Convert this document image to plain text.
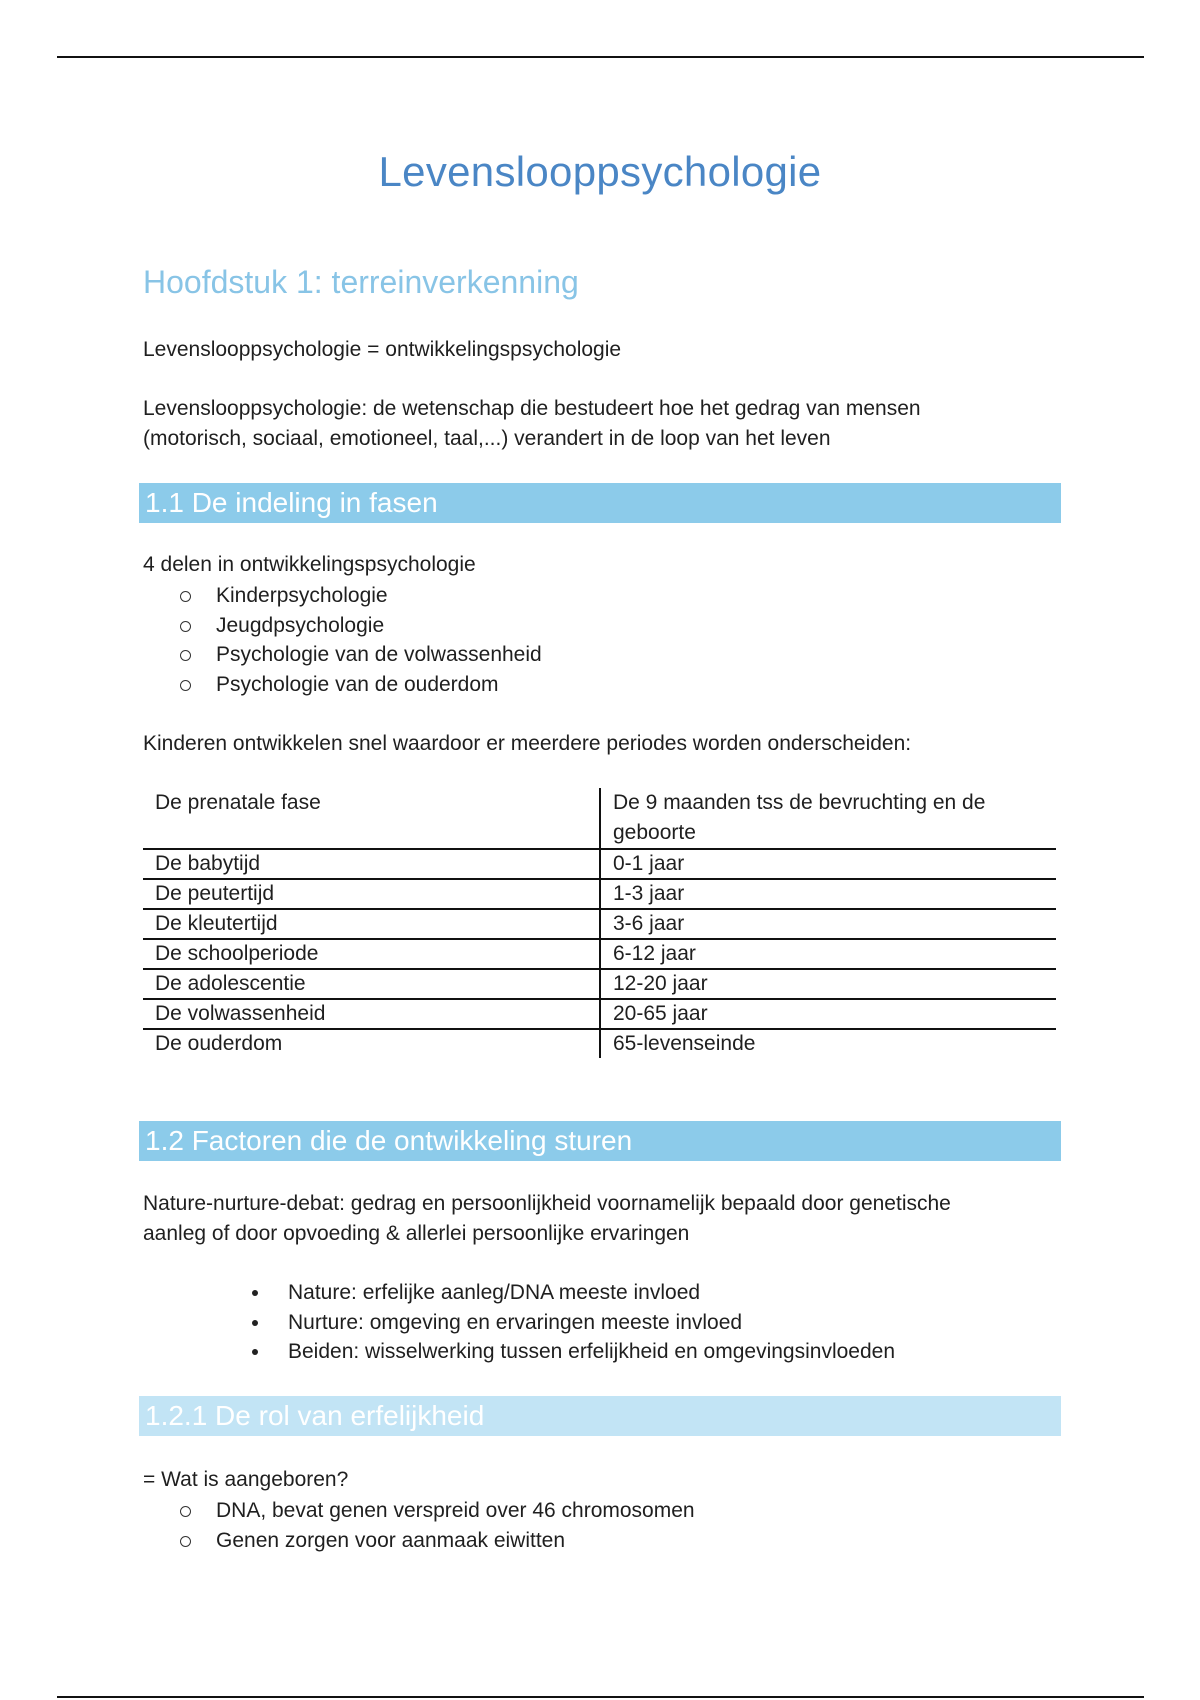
Levenslooppsychologie
Hoofdstuk 1: terreinverkenning
Levenslooppsychologie = ontwikkelingspsychologie
Levenslooppsychologie: de wetenschap die bestudeert hoe het gedrag van mensen
(motorisch, sociaal, emotioneel, taal,...) verandert in de loop van het leven
1.1 De indeling in fasen
4 delen in ontwikkelingspsychologie
Kinderpsychologie
Jeugdpsychologie
Psychologie van de volwassenheid
Psychologie van de ouderdom
Kinderen ontwikkelen snel waardoor er meerdere periodes worden onderscheiden:
De prenatale fase	De 9 maanden tss de bevruchting en de
geboorte
De babytijd	0-1 jaar
De peutertijd	1-3 jaar
De kleutertijd	3-6 jaar
De schoolperiode	6-12 jaar
De adolescentie	12-20 jaar
De volwassenheid	20-65 jaar
De ouderdom	65-levenseinde
1.2 Factoren die de ontwikkeling sturen
Nature-nurture-debat: gedrag en persoonlijkheid voornamelijk bepaald door genetische
aanleg of door opvoeding & allerlei persoonlijke ervaringen
Nature: erfelijke aanleg/DNA meeste invloed
Nurture: omgeving en ervaringen meeste invloed
Beiden: wisselwerking tussen erfelijkheid en omgevingsinvloeden
1.2.1 De rol van erfelijkheid
= Wat is aangeboren?
DNA, bevat genen verspreid over 46 chromosomen
Genen zorgen voor aanmaak eiwitten
